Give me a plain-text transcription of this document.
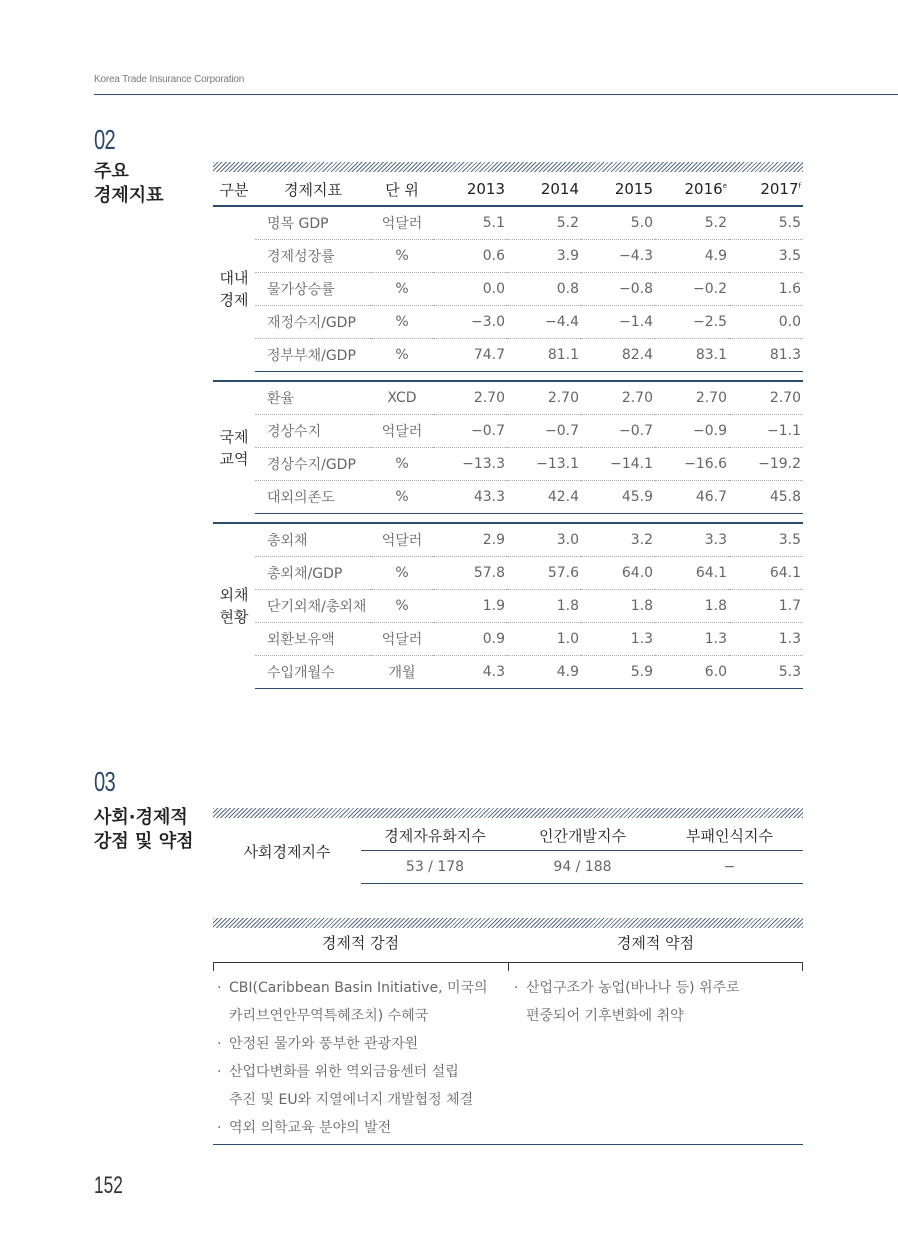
Korea Trade Insurance Corporation
02
주요
경제지표	구분	경제지표	단 위	2013	2014	2015	2016e	2017$^f$

대내
경제	명목 GDP	억달러	5.1	5.2	5.0	5.2	5.5
	경제성장률	%	0.6	3.9	−4.3	4.9	3.5
	물가상승률	%	0.0	0.8	−0.8	−0.2	1.6
	재정수지/GDP	%	−3.0	−4.4	−1.4	−2.5	0.0
	정부부채/GDP	%	74.7	81.1	82.4	83.1	81.3

국제
교역	환율	XCD	2.70	2.70	2.70	2.70	2.70
	경상수지	억달러	−0.7	−0.7	−0.7	−0.9	−1.1
	경상수지/GDP	%	−13.3	−13.1	−14.1	−16.6	−19.2
	대외의존도	%	43.3	42.4	45.9	46.7	45.8

외채
현황	총외채	억달러	2.9	3.0	3.2	3.3	3.5
	총외채/GDP	%	57.8	57.6	64.0	64.1	64.1
	단기외채/총외채	%	1.9	1.8	1.8	1.8	1.7
	외환보유액	억달러	0.9	1.0	1.3	1.3	1.3
	수입개월수	개월	4.3	4.9	5.9	6.0	5.3
03
사회·경제적
강점 및 약점
사회경제지수	경제자유화지수	인간개발지수	부패인식지수
	53 / 178	94 / 188	−
경제적 강점	경제적 약점
· CBI(Caribbean Basin Initiative, 미국의
카리브연안무역특혜조치) 수혜국
· 안정된 물가와 풍부한 관광자원
· 산업다변화를 위한 역외금융센터 설립
추진 및 EU와 지열에너지 개발협정 체결
· 역외 의학교육 분야의 발전
· 산업구조가 농업(바나나 등) 위주로
편중되어 기후변화에 취약
152
